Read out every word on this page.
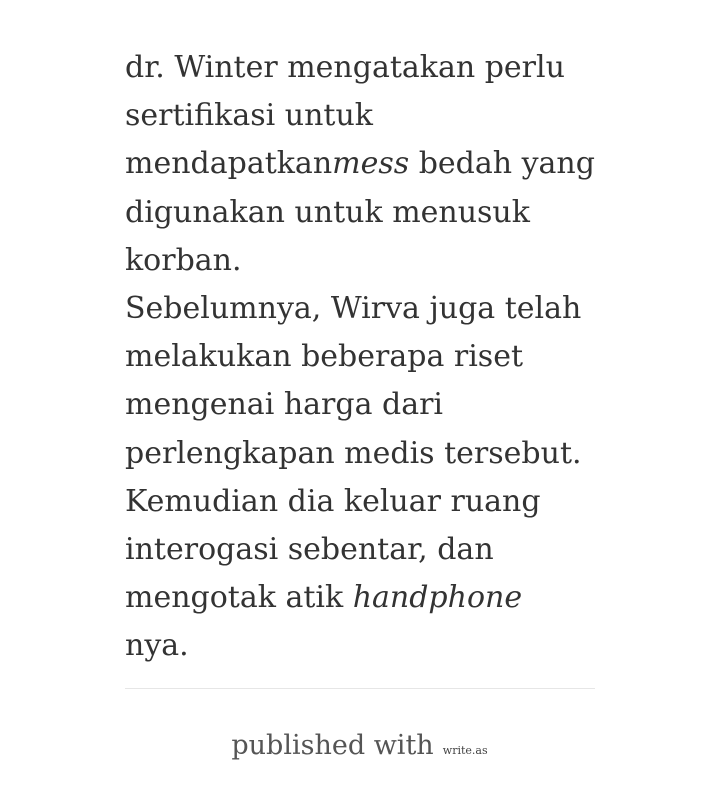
dr. Winter mengatakan perlu sertifikasi untuk mendapatkanmess bedah yang digunakan untuk menusuk korban.

Sebelumnya, Wirva juga telah melakukan beberapa riset mengenai harga dari perlengkapan medis tersebut.

Kemudian dia keluar ruang interogasi sebentar, dan mengotak atik handphone nya.

published with write.as
